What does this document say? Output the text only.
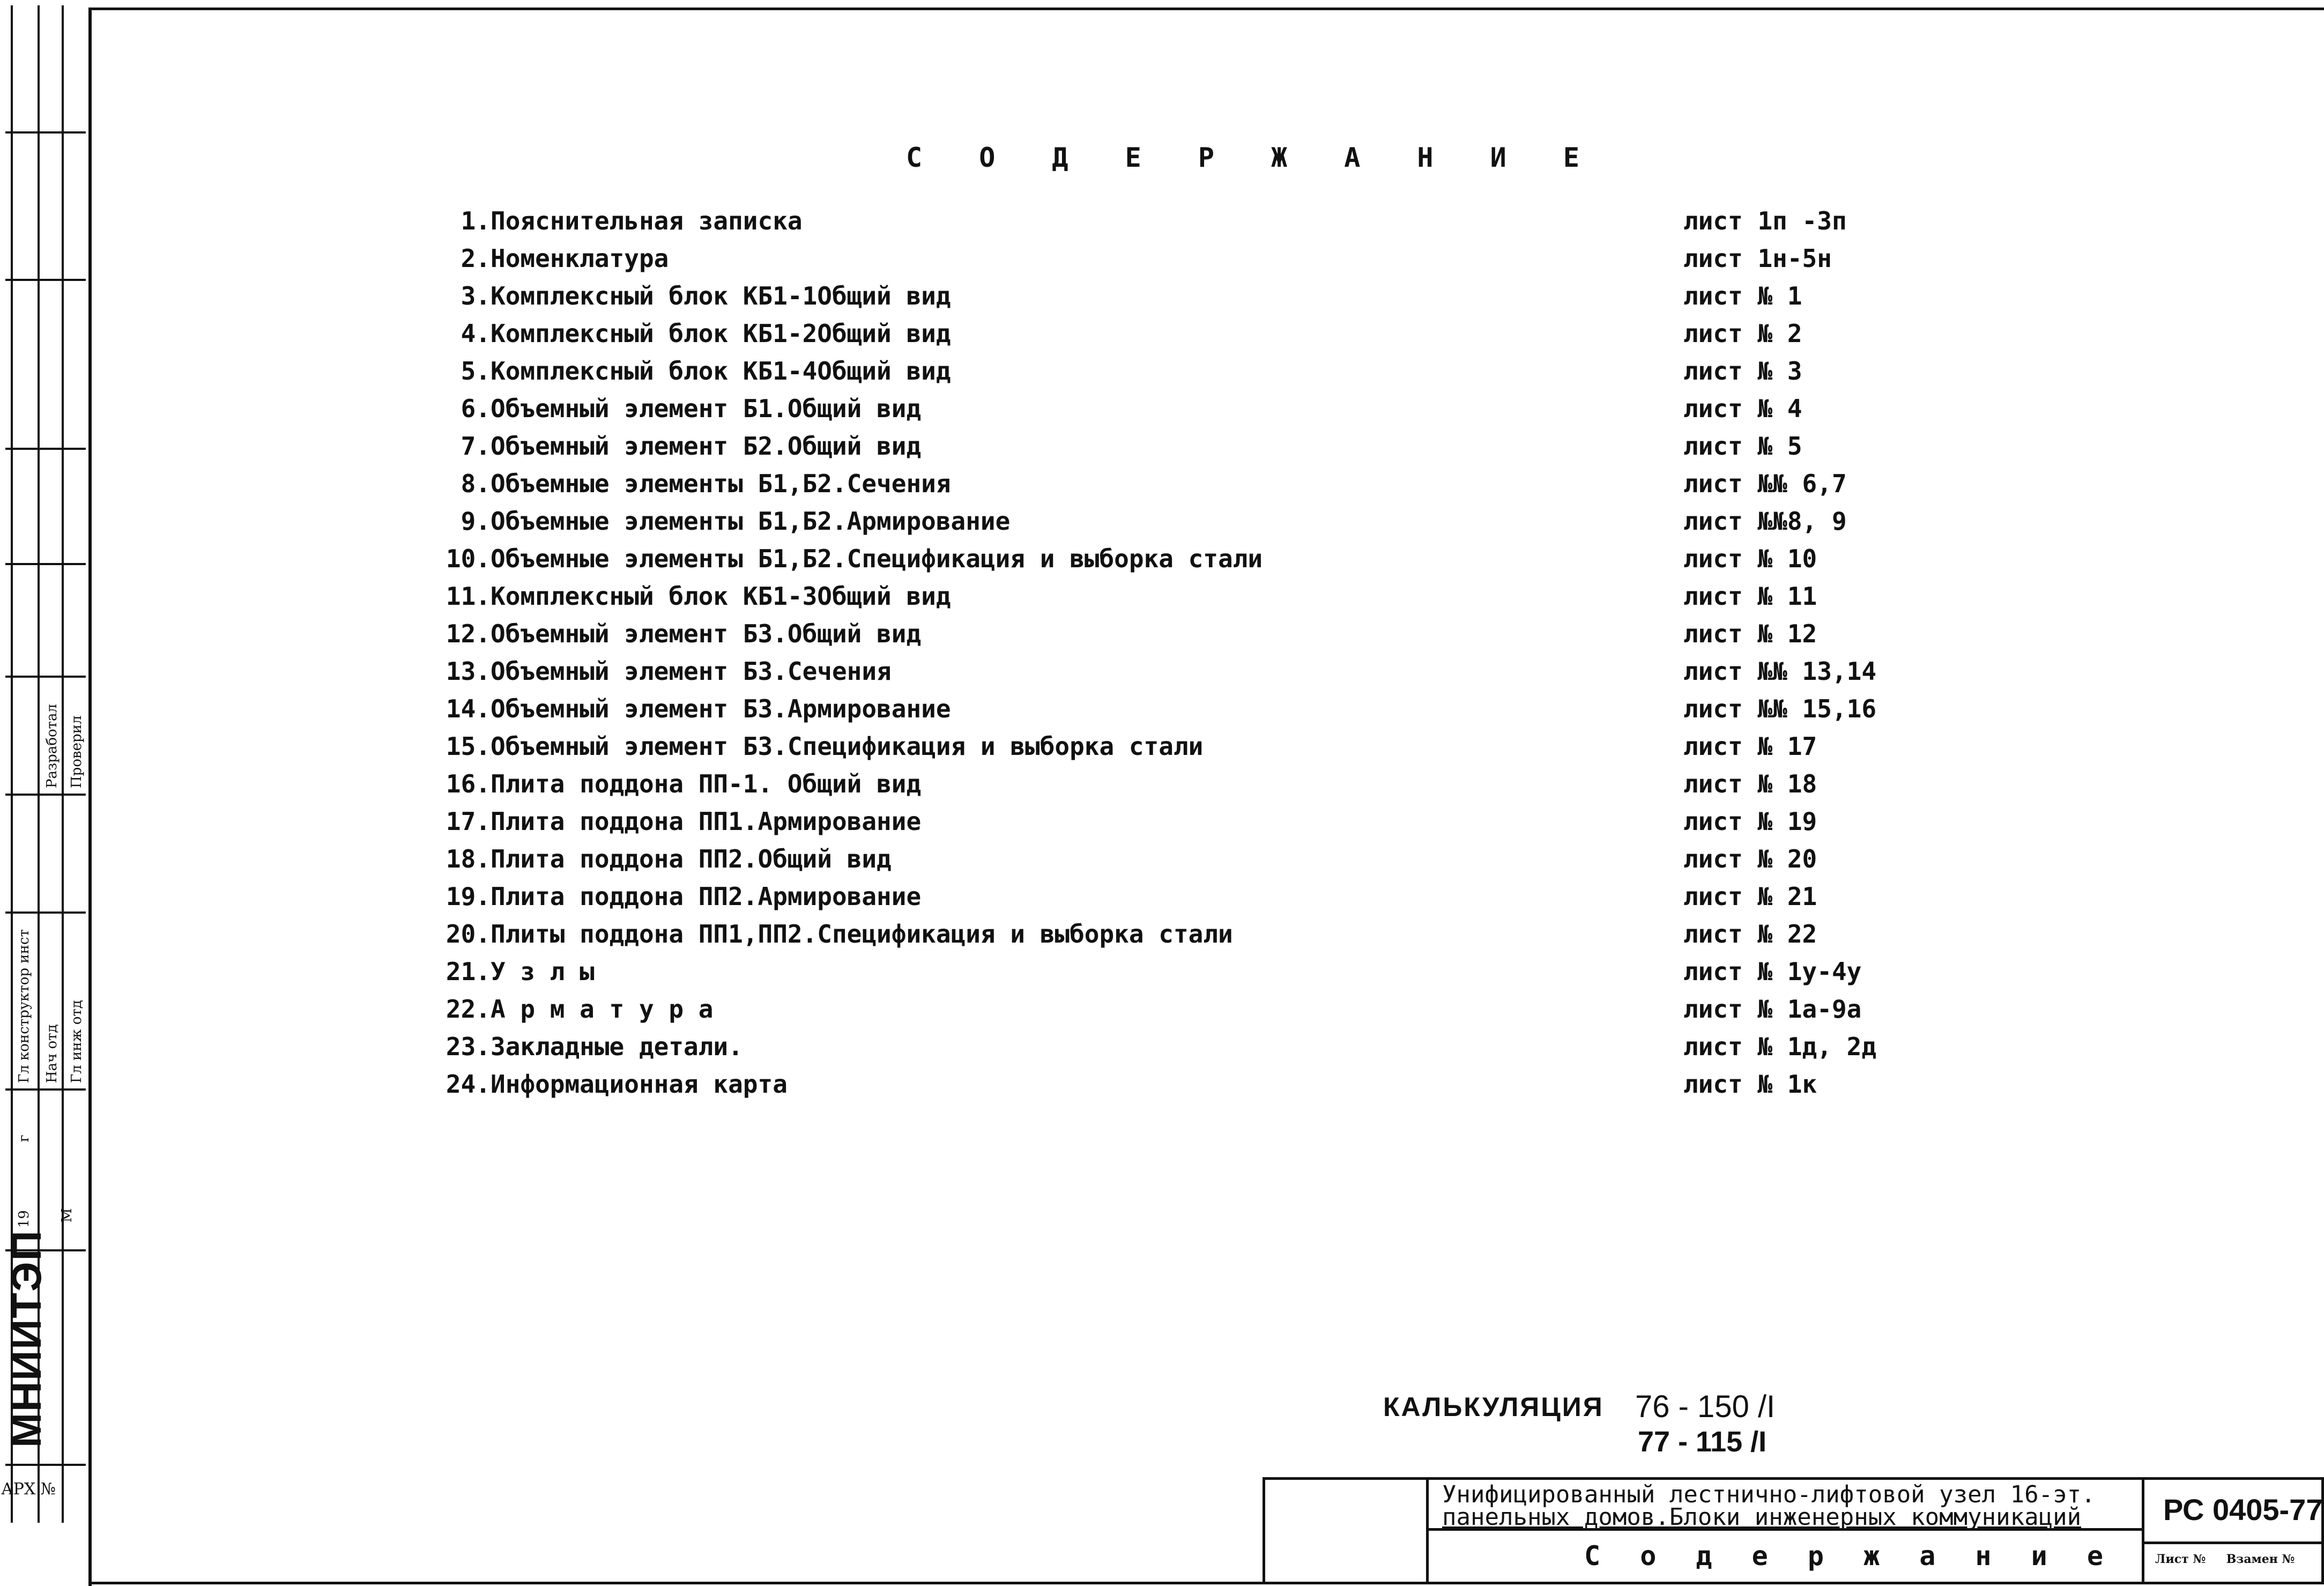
Разработал Проверил
Гл конструктор инст Нач отд Гл инж отд
19
г
М
МНИИТЭП
АРХ №
С О Д Е Р Ж А Н И Е
1.Пояснительная записка	лист 1п -3п
2.Номенклатура	лист 1н-5н
3.Комплексный блок КБ1-1Общий вид	лист № 1
4.Комплексный блок КБ1-2Общий вид	лист № 2
5.Комплексный блок КБ1-4Общий вид	лист № 3
6.Объемный элемент Б1.Общий вид	лист № 4
7.Объемный элемент Б2.Общий вид	лист № 5
8.Объемные элементы Б1,Б2.Сечения	лист №№ 6,7
9.Объемные элементы Б1,Б2.Армирование	лист №№8, 9
10.Объемные элементы Б1,Б2.Спецификация и выборка стали	лист № 10
11.Комплексный блок КБ1-3Общий вид	лист № 11
12.Объемный элемент Б3.Общий вид	лист № 12
13.Объемный элемент Б3.Сечения	лист №№ 13,14
14.Объемный элемент Б3.Армирование	лист №№ 15,16
15.Объемный элемент Б3.Спецификация и выборка стали	лист № 17
16.Плита поддона ПП-1. Общий вид	лист № 18
17.Плита поддона ПП1.Армирование	лист № 19
18.Плита поддона ПП2.Общий вид	лист № 20
19.Плита поддона ПП2.Армирование	лист № 21
20.Плиты поддона ПП1,ПП2.Спецификация и выборка стали	лист № 22
21.У з л ы	лист № 1у-4у
22.А р м а т у р а	лист № 1а-9а
23.Закладные детали.	лист № 1д, 2д
24.Информационная карта	лист № 1к
КАЛЬКУЛЯЦИЯ 76 - 150 /I
77 - 115 /I
Унифицированный лестнично-лифтовой узел 16-эт.
панельных домов.Блоки инженерных коммуникаций
С о д е р ж а н и е
РС 0405-77
Лист № Взамен №
